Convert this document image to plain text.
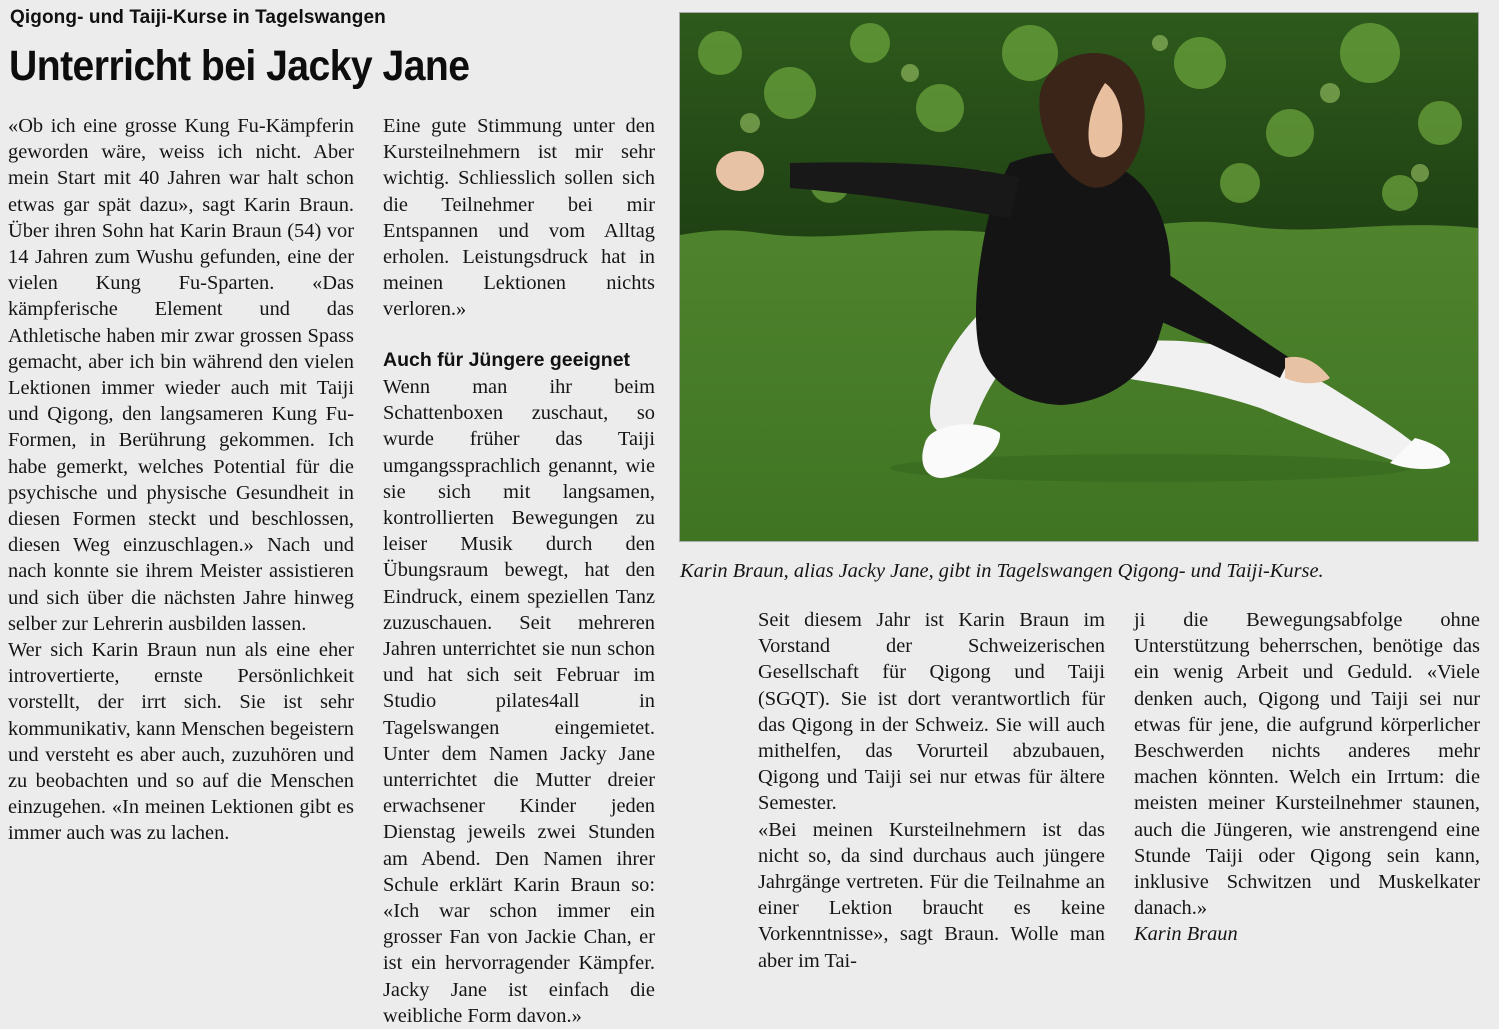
Qigong- und Taiji-Kurse in Tagelswangen
Unterricht bei Jacky Jane

«Ob ich eine grosse Kung Fu-Kämpferin geworden wäre, weiss ich nicht. Aber mein Start mit 40 Jahren war halt schon etwas gar spät dazu», sagt Karin Braun. Über ihren Sohn hat Karin Braun (54) vor 14 Jahren zum Wushu gefunden, eine der vielen Kung Fu-Sparten. «Das kämpferische Element und das Athletische haben mir zwar grossen Spass gemacht, aber ich bin während den vielen Lektionen immer wieder auch mit Taiji und Qigong, den langsameren Kung Fu-Formen, in Berührung gekommen. Ich habe gemerkt, welches Potential für die psychische und physische Gesundheit in diesen Formen steckt und beschlossen, diesen Weg einzuschlagen.» Nach und nach konnte sie ihrem Meister assistieren und sich über die nächsten Jahre hinweg selber zur Lehrerin ausbilden lassen.

Wer sich Karin Braun nun als eine eher introvertierte, ernste Persönlichkeit vorstellt, der irrt sich. Sie ist sehr kommunikativ, kann Menschen begeistern und versteht es aber auch, zuzuhören und zu beobachten und so auf die Menschen einzugehen. «In meinen Lektionen gibt es immer auch was zu lachen.

Eine gute Stimmung unter den Kursteilnehmern ist mir sehr wichtig. Schliesslich sollen sich die Teilnehmer bei mir Entspannen und vom Alltag erholen. Leistungsdruck hat in meinen Lektionen nichts verloren.»

Auch für Jüngere geeignet

Wenn man ihr beim Schattenboxen zuschaut, so wurde früher das Taiji umgangssprachlich genannt, wie sie sich mit langsamen, kontrollierten Bewegungen zu leiser Musik durch den Übungsraum bewegt, hat den Eindruck, einem speziellen Tanz zuzuschauen. Seit mehreren Jahren unterrichtet sie nun schon und hat sich seit Februar im Studio pilates4all in Tagelswangen eingemietet. Unter dem Namen Jacky Jane unterrichtet die Mutter dreier erwachsener Kinder jeden Dienstag jeweils zwei Stunden am Abend. Den Namen ihrer Schule erklärt Karin Braun so: «Ich war schon immer ein grosser Fan von Jackie Chan, er ist ein hervorragender Kämpfer. Jacky Jane ist einfach die weibliche Form davon.»

Karin Braun, alias Jacky Jane, gibt in Tagelswangen Qigong- und Taiji-Kurse.

Seit diesem Jahr ist Karin Braun im Vorstand der Schweizerischen Gesellschaft für Qigong und Taiji (SGQT). Sie ist dort verantwortlich für das Qigong in der Schweiz. Sie will auch mithelfen, das Vorurteil abzubauen, Qigong und Taiji sei nur etwas für ältere Semester.

«Bei meinen Kursteilnehmern ist das nicht so, da sind durchaus auch jüngere Jahrgänge vertreten. Für die Teilnahme an einer Lektion braucht es keine Vorkenntnisse», sagt Braun. Wolle man aber im Tai-

ji die Bewegungsabfolge ohne Unterstützung beherrschen, benötige das ein wenig Arbeit und Geduld. «Viele denken auch, Qigong und Taiji sei nur etwas für jene, die aufgrund körperlicher Beschwerden nichts anderes mehr machen könnten. Welch ein Irrtum: die meisten meiner Kursteilnehmer staunen, auch die Jüngeren, wie anstrengend eine Stunde Taiji oder Qigong sein kann, inklusive Schwitzen und Muskelkater danach.»

Karin Braun
